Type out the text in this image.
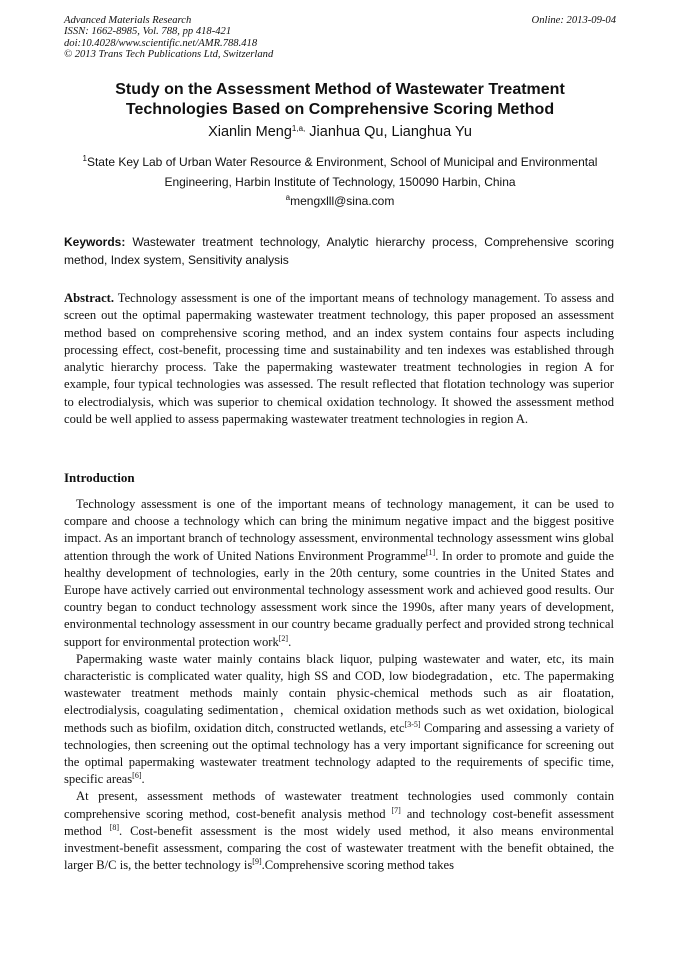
Advanced Materials Research
ISSN: 1662-8985, Vol. 788, pp 418-421
doi:10.4028/www.scientific.net/AMR.788.418
© 2013 Trans Tech Publications Ltd, Switzerland
Online: 2013-09-04
Study on the Assessment Method of Wastewater Treatment
Technologies Based on Comprehensive Scoring Method
Xianlin Meng$^{1,a,}$ Jianhua Qu, Lianghua Yu
$^1$State Key Lab of Urban Water Resource & Environment, School of Municipal and Environmental
Engineering, Harbin Institute of Technology, 150090 Harbin, China
$^a$mengxlll@sina.com
Keywords: Wastewater treatment technology, Analytic hierarchy process, Comprehensive scoring method, Index system, Sensitivity analysis
Abstract. Technology assessment is one of the important means of technology management. To assess and screen out the optimal papermaking wastewater treatment technology, this paper proposed an assessment method based on comprehensive scoring method, and an index system contains four aspects including processing effect, cost-benefit, processing time and sustainability and ten indexes was established through analytic hierarchy process. Take the papermaking wastewater treatment technologies in region A for example, four typical technologies was assessed. The result reflected that flotation technology was superior to electrodialysis, which was superior to chemical oxidation technology. It showed the assessment method could be well applied to assess papermaking wastewater treatment technologies in region A.
Introduction

Technology assessment is one of the important means of technology management, it can be used to compare and choose a technology which can bring the minimum negative impact and the biggest positive impact. As an important branch of technology assessment, environmental technology assessment wins global attention through the work of United Nations Environment Programme[1]. In order to promote and guide the healthy development of technologies, early in the 20th century, some countries in the United States and Europe have actively carried out environmental technology assessment work and achieved good results. Our country began to conduct technology assessment work since the 1990s, after many years of development, environmental technology assessment in our country became gradually perfect and provided strong technical support for environmental protection work[2].

Papermaking waste water mainly contains black liquor, pulping wastewater and water, etc, its main characteristic is complicated water quality, high SS and COD, low biodegradation，etc. The papermaking wastewater treatment methods mainly contain physic-chemical methods such as air floatation, electrodialysis, coagulating sedimentation，chemical oxidation methods such as wet oxidation, biological methods such as biofilm, oxidation ditch, constructed wetlands, etc[3-5] Comparing and assessing a variety of technologies, then screening out the optimal technology has a very important significance for screening out the optimal papermaking wastewater treatment technology adapted to the requirements of specific time, specific areas[6].

At present, assessment methods of wastewater treatment technologies used commonly contain comprehensive scoring method, cost-benefit analysis method [7] and technology cost-benefit assessment method [8]. Cost-benefit assessment is the most widely used method, it also means environmental investment-benefit assessment, comparing the cost of wastewater treatment with the benefit obtained, the larger B/C is, the better technology is[9].Comprehensive scoring method takes
